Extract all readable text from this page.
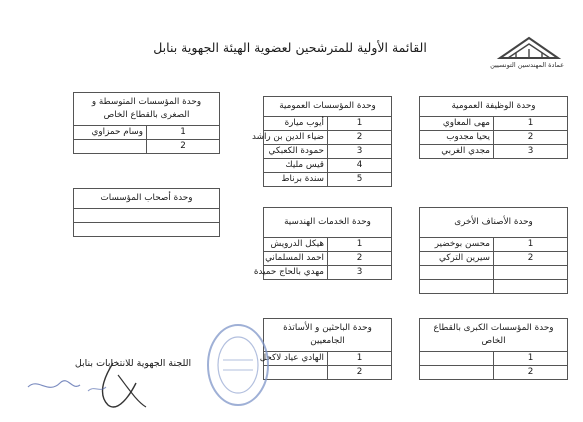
عمادة المهندسين التونسيين
القائمة الأولية للمترشحين لعضوية الهيئة الجهوية بنابل
وحدة الوظيفة العمومية	
1	مهى المعاوي
2	يحيا مجدوب
3	مجدي الغربي
وحدة المؤسسات العمومية	
1	أيوب ميارة
2	ضياء الدين بن راشد
3	حمودة الكعبكي
4	قيس مليك
5	سندة برناط
وحدة المؤسسات المتوسطة و الصغرى بالقطاع الخاص	
1	وسام حمزاوي
2	
وحدة أصحاب المؤسسات

وحدة الأصناف الأخرى	
1	محسن بوخضير
2	سيرين التركي

وحدة الخدمات الهندسية	
1	هيكل الدرويش
2	احمد المسلماني
3	مهدي بالحاج حميدة
وحدة المؤسسات الكبرى بالقطاع الخاص	
1	
2	
وحدة الباحثين و الأساتذة الجامعيين	
1	الهادي عياد لاكحل
2	
اللجنة الجهوية للانتخابات بنابل
